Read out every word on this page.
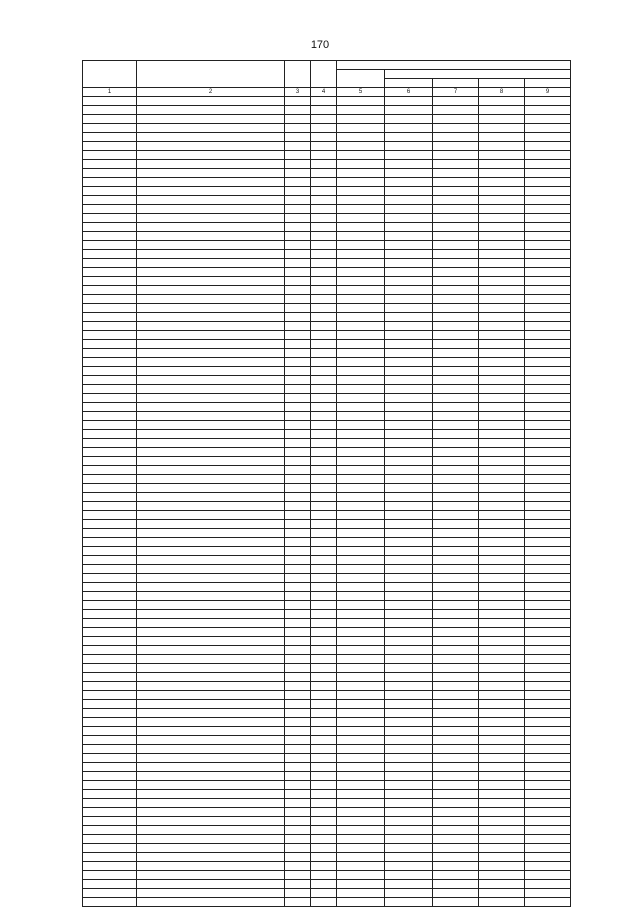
170

1	2	3	4	5	6	7	8	9
